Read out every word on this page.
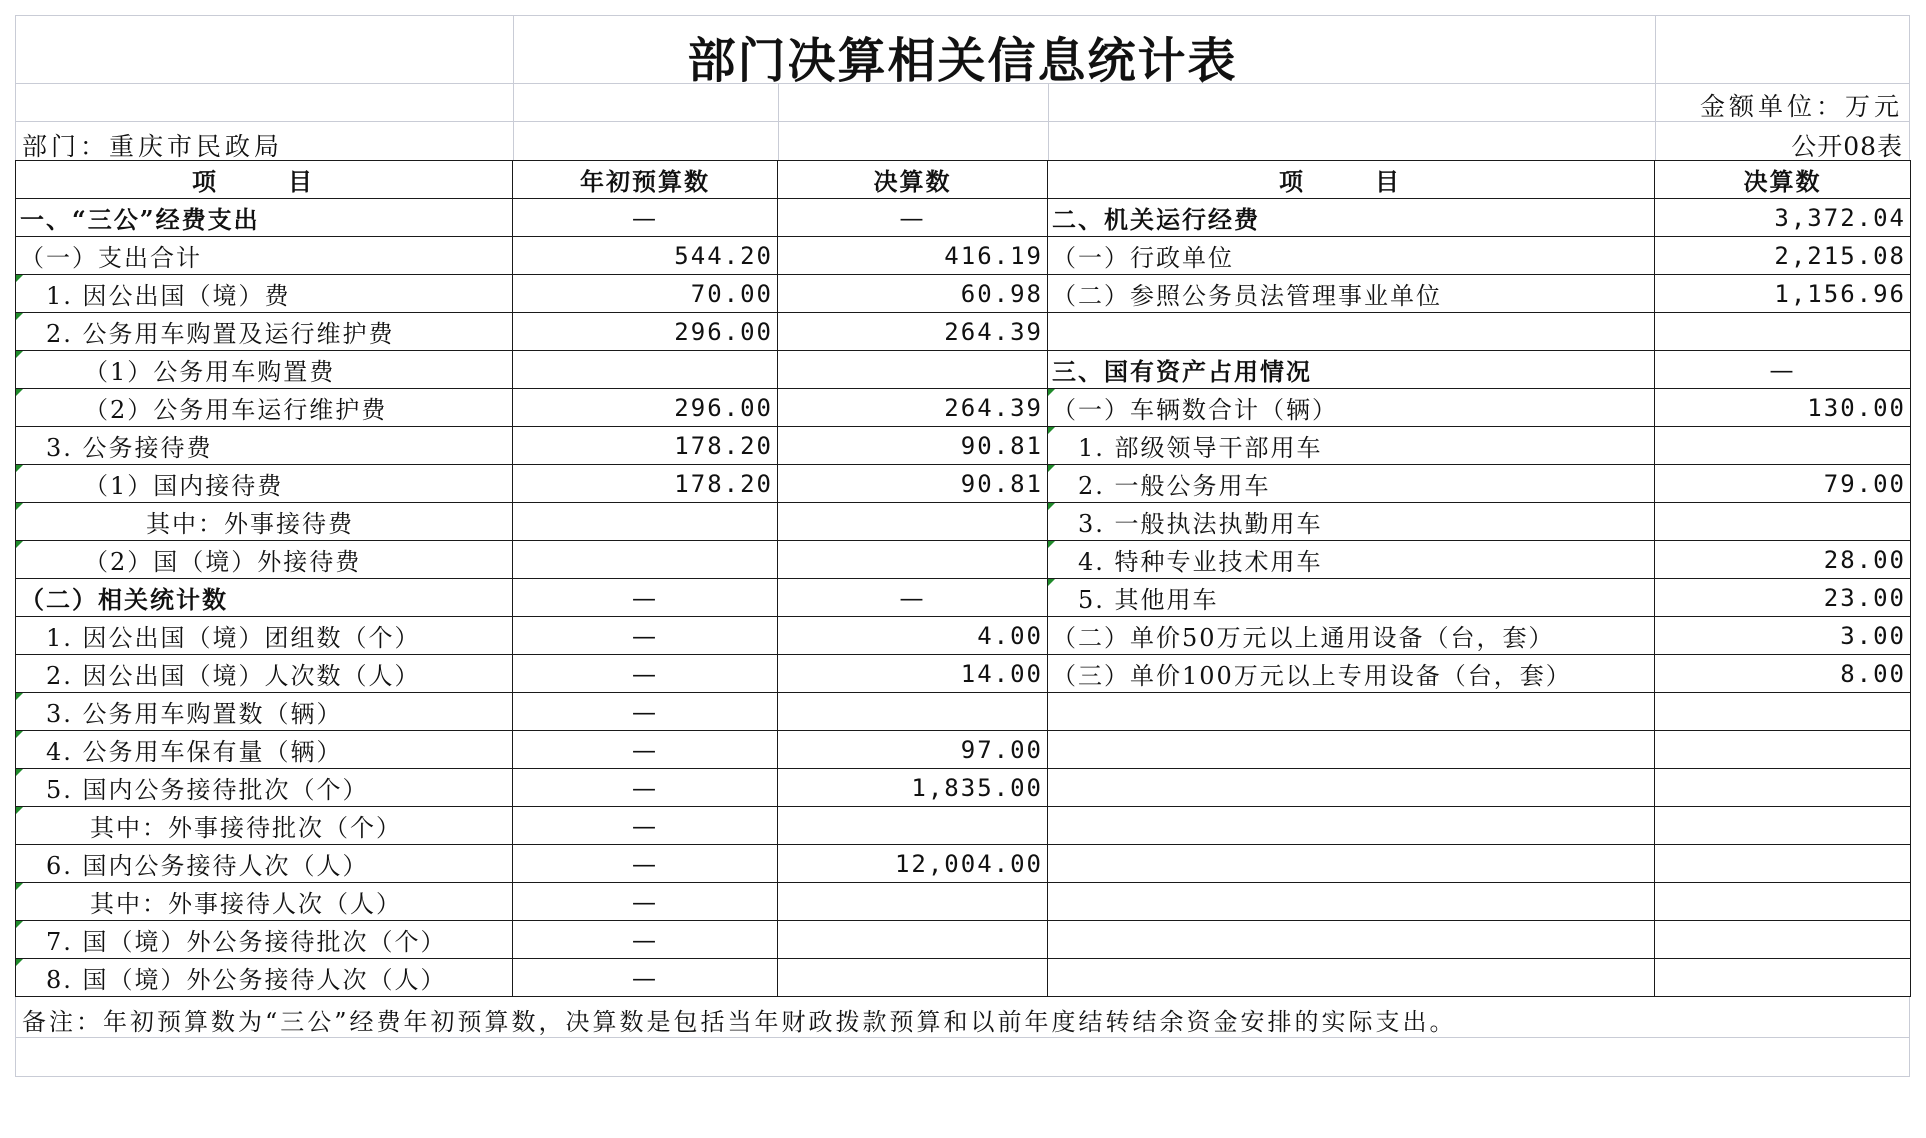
部门决算相关信息统计表
金额单位：万元
部门：重庆市民政局	公开08表
项　目	年初预算数	决算数	项　目	决算数
一、“三公”经费支出	—	—	二、机关运行经费	3,372.04
（一）支出合计	544.20	416.19	（一）行政单位	2,215.08
1. 因公出国（境）费	70.00	60.98	（二）参照公务员法管理事业单位	1,156.96
2. 公务用车购置及运行维护费	296.00	264.39		
（1）公务用车购置费			三、国有资产占用情况	—
（2）公务用车运行维护费	296.00	264.39	（一）车辆数合计（辆）	130.00
3. 公务接待费	178.20	90.81	1. 部级领导干部用车	
（1）国内接待费	178.20	90.81	2. 一般公务用车	79.00
其中：外事接待费			3. 一般执法执勤用车	
（2）国（境）外接待费			4. 特种专业技术用车	28.00
（二）相关统计数	—	—	5. 其他用车	23.00
1. 因公出国（境）团组数（个）	—	4.00	（二）单价50万元以上通用设备（台，套）	3.00
2. 因公出国（境）人次数（人）	—	14.00	（三）单价100万元以上专用设备（台，套）	8.00
3. 公务用车购置数（辆）	—			
4. 公务用车保有量（辆）	—	97.00		
5. 国内公务接待批次（个）	—	1,835.00		
其中：外事接待批次（个）	—			
6. 国内公务接待人次（人）	—	12,004.00		
其中：外事接待人次（人）	—			
7. 国（境）外公务接待批次（个）	—			
8. 国（境）外公务接待人次（人）	—			
备注：年初预算数为“三公”经费年初预算数，决算数是包括当年财政拨款预算和以前年度结转结余资金安排的实际支出。
